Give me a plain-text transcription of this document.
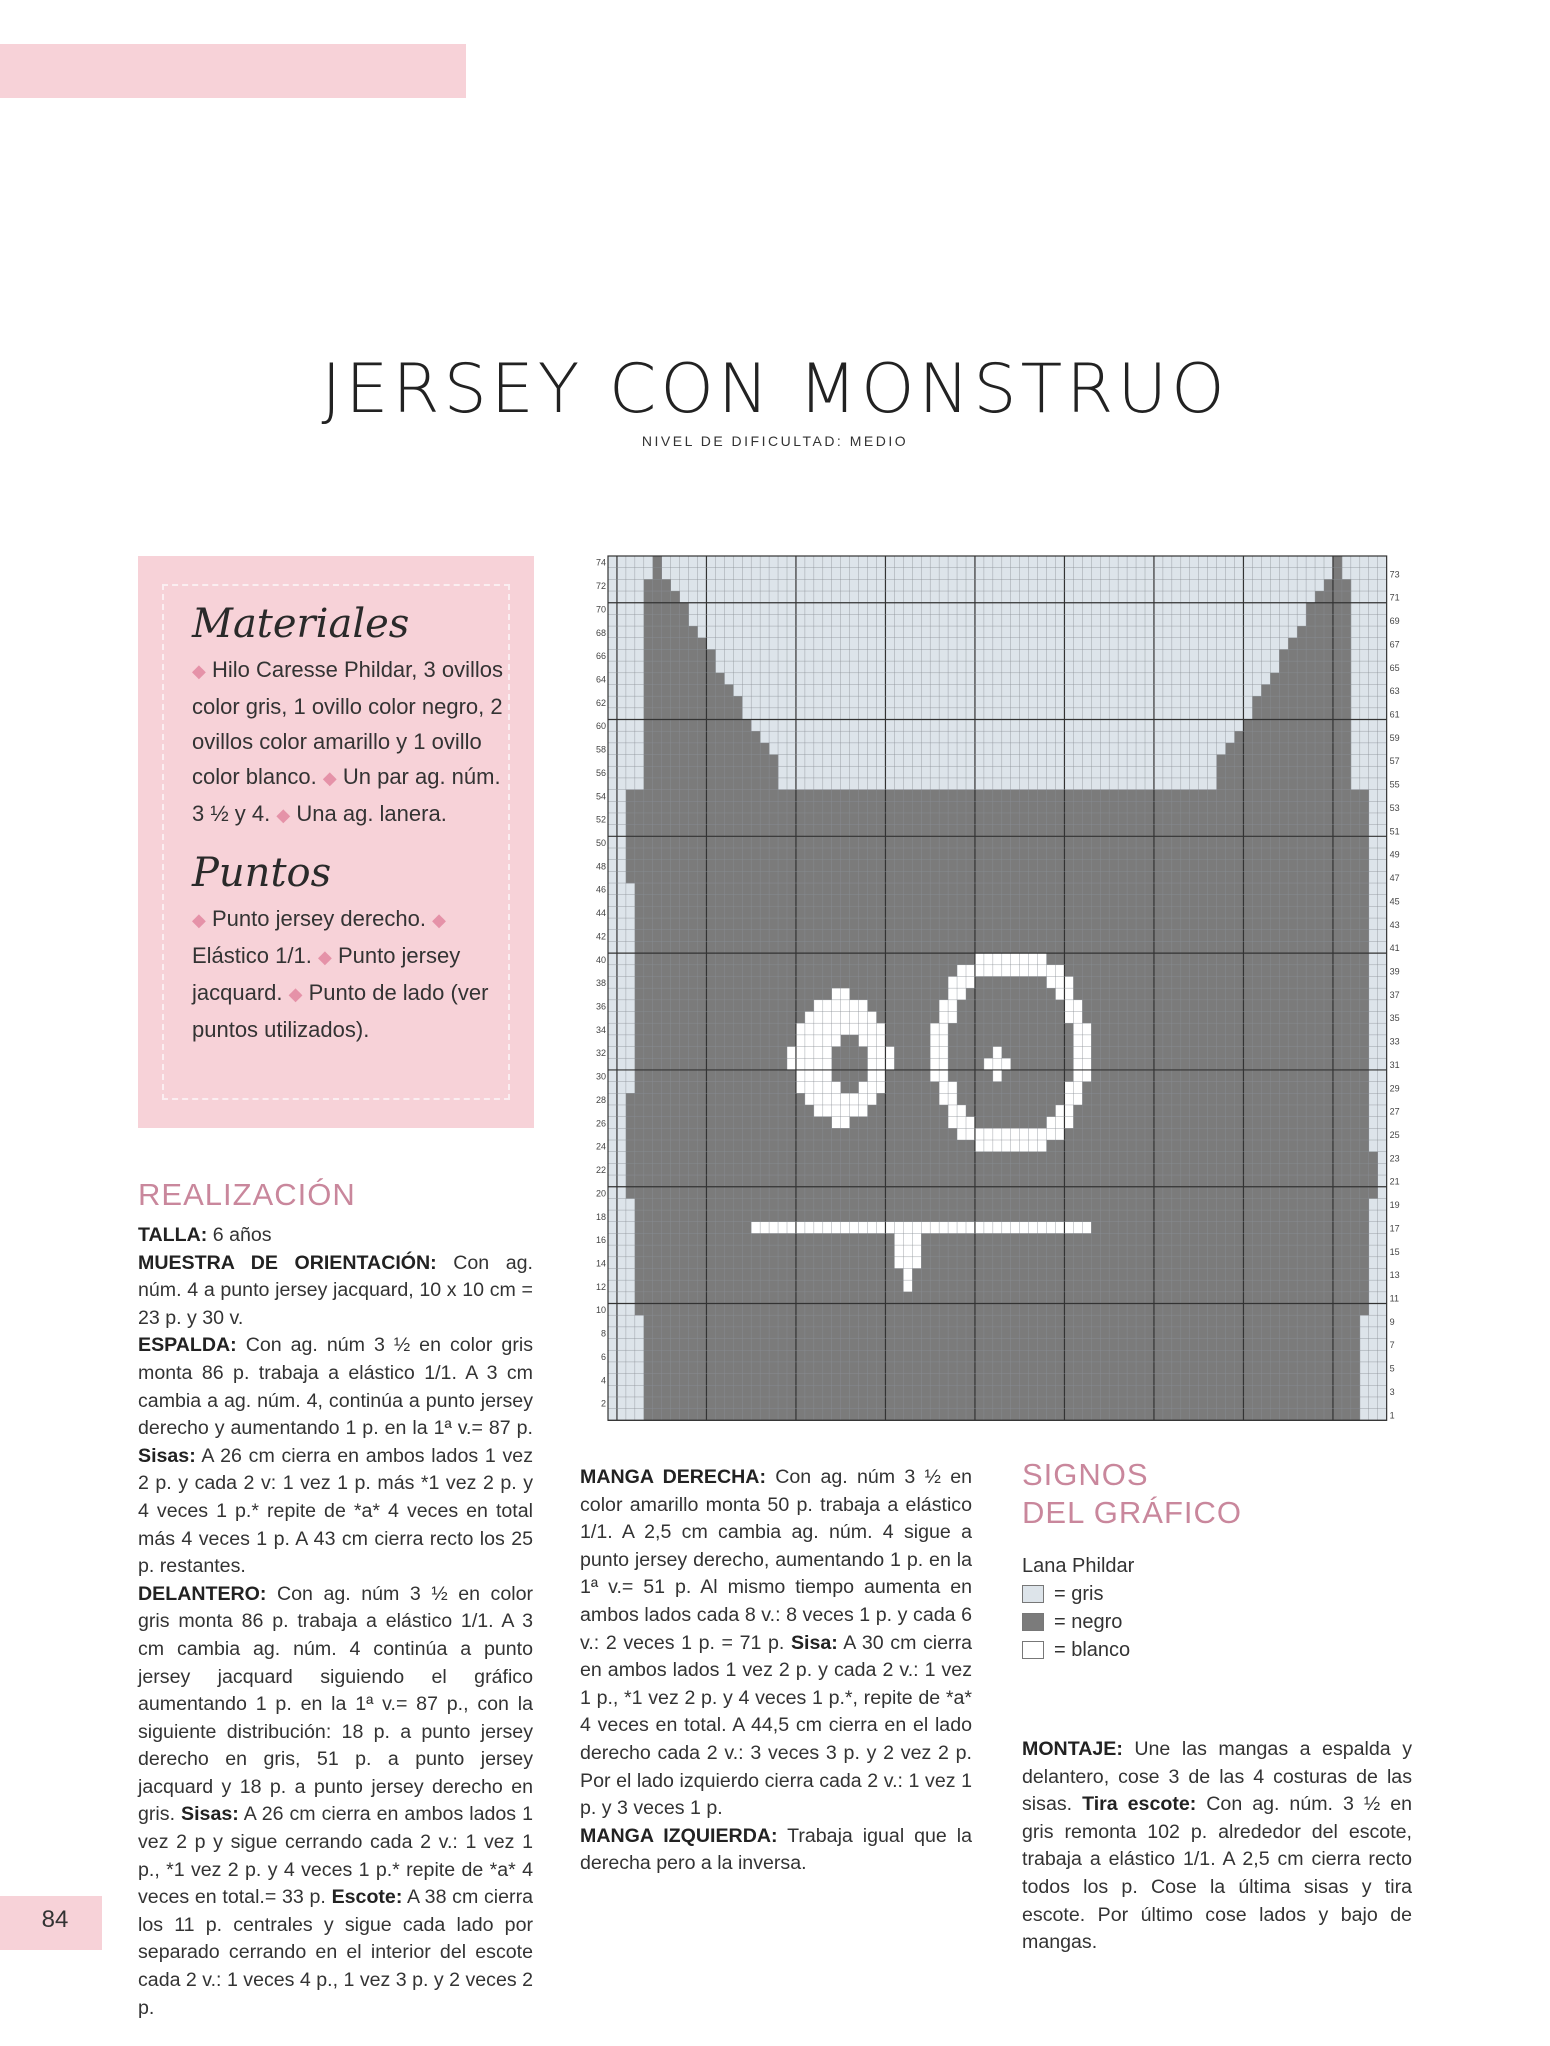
JERSEY CON MONSTRUO
NIVEL DE DIFICULTAD: MEDIO

Materiales

◆ Hilo Caresse Phildar, 3 ovillos color gris, 1 ovillo color negro, 2 ovillos color amarillo y 1 ovillo color blanco. ◆ Un par ag. núm. 3 ½ y 4. ◆ Una ag. lanera.

Puntos

◆ Punto jersey derecho. ◆ Elástico 1/1. ◆ Punto jersey jacquard. ◆ Punto de lado (ver puntos utilizados).

REALIZACIÓN

TALLA: 6 años

MUESTRA DE ORIENTACIÓN: Con ag. núm. 4 a punto jersey jacquard, 10 x 10 cm = 23 p. y 30 v.

ESPALDA: Con ag. núm 3 ½ en color gris monta 86 p. trabaja a elástico 1/1. A 3 cm cambia a ag. núm. 4, continúa a punto jersey derecho y aumentando 1 p. en la 1ª v.= 87 p. Sisas: A 26 cm cierra en ambos lados 1 vez 2 p. y cada 2 v: 1 vez 1 p. más *1 vez 2 p. y 4 veces 1 p.* repite de *a* 4 veces en total más 4 veces 1 p. A 43 cm cierra recto los 25 p. restantes.

DELANTERO: Con ag. núm 3 ½ en color gris monta 86 p. trabaja a elástico 1/1. A 3 cm cambia ag. núm. 4 continúa a punto jersey jacquard siguiendo el gráfico aumentando 1 p. en la 1ª v.= 87 p., con la siguiente distribución: 18 p. a punto jersey derecho en gris, 51 p. a punto jersey jacquard y 18 p. a punto jersey derecho en gris. Sisas: A 26 cm cierra en ambos lados 1 vez 2 p y sigue cerrando cada 2 v.: 1 vez 1 p., *1 vez 2 p. y 4 veces 1 p.* repite de *a* 4 veces en total.= 33 p. Escote: A 38 cm cierra los 11 p. centrales y sigue cada lado por separado cerrando en el interior del escote cada 2 v.: 1 veces 4 p., 1 vez 3 p. y 2 veces 2 p.

MANGA DERECHA: Con ag. núm 3 ½ en color amarillo monta 50 p. trabaja a elástico 1/1. A 2,5 cm cambia ag. núm. 4 sigue a punto jersey derecho, aumentando 1 p. en la 1ª v.= 51 p. Al mismo tiempo aumenta en ambos lados cada 8 v.: 8 veces 1 p. y cada 6 v.: 2 veces 1 p. = 71 p. Sisa: A 30 cm cierra en ambos lados 1 vez 2 p. y cada 2 v.: 1 vez 1 p., *1 vez 2 p. y 4 veces 1 p.*, repite de *a* 4 veces en total. A 44,5 cm cierra en el lado derecho cada 2 v.: 3 veces 3 p. y 2 vez 2 p. Por el lado izquierdo cierra cada 2 v.: 1 vez 1 p. y 3 veces 1 p.

MANGA IZQUIERDA: Trabaja igual que la derecha pero a la inversa.

SIGNOS
DEL GRÁFICO
Lana Phildar
= gris
= negro
= blanco

MONTAJE: Une las mangas a espalda y delantero, cose 3 de las 4 costuras de las sisas. Tira escote: Con ag. núm. 3 ½ en gris remonta 102 p. alrededor del escote, trabaja a elástico 1/1. A 2,5 cm cierra recto todos los p. Cose la última sisas y tira escote. Por último cose lados y bajo de mangas.

84
74
72
70
68
66
64
62
60
58
56
54
52
50
48
46
44
42
40
38
36
34
32
30
28
26
24
22
20
18
16
14
12
10
8
6
4
2
73
71
69
67
65
63
61
59
57
55
53
51
49
47
45
43
41
39
37
35
33
31
29
27
25
23
21
19
17
15
13
11
9
7
5
3
1
